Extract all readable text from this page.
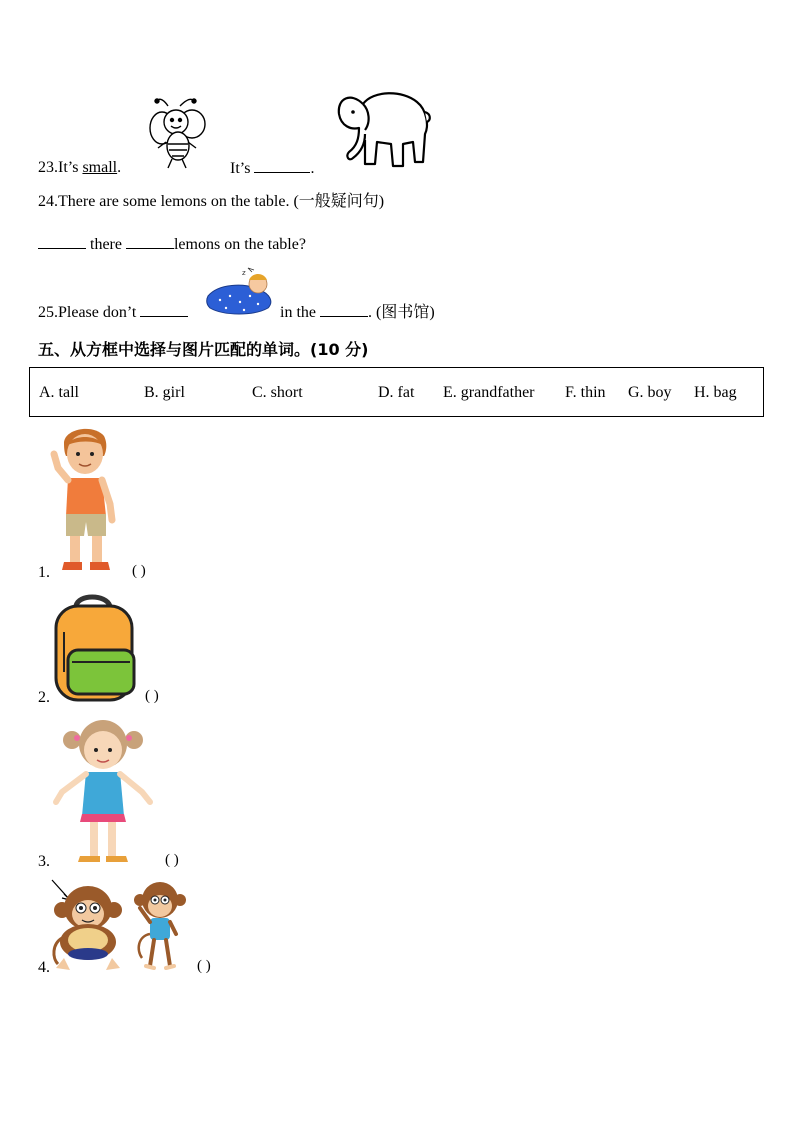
23.It’s small.	It’s	.
24.There are some lemons on the table. (一般疑问句)
there	lemons on the table?
25.Please don’t
z
in the	. (图书馆)
五、从方框中选择与图片匹配的单词。(10 分)
A. tall	B. girl	C. short	D. fat E. grandfather F. thin G. boy H. bag
1.	( )
2.	( )
3.	( )
4.	( )
